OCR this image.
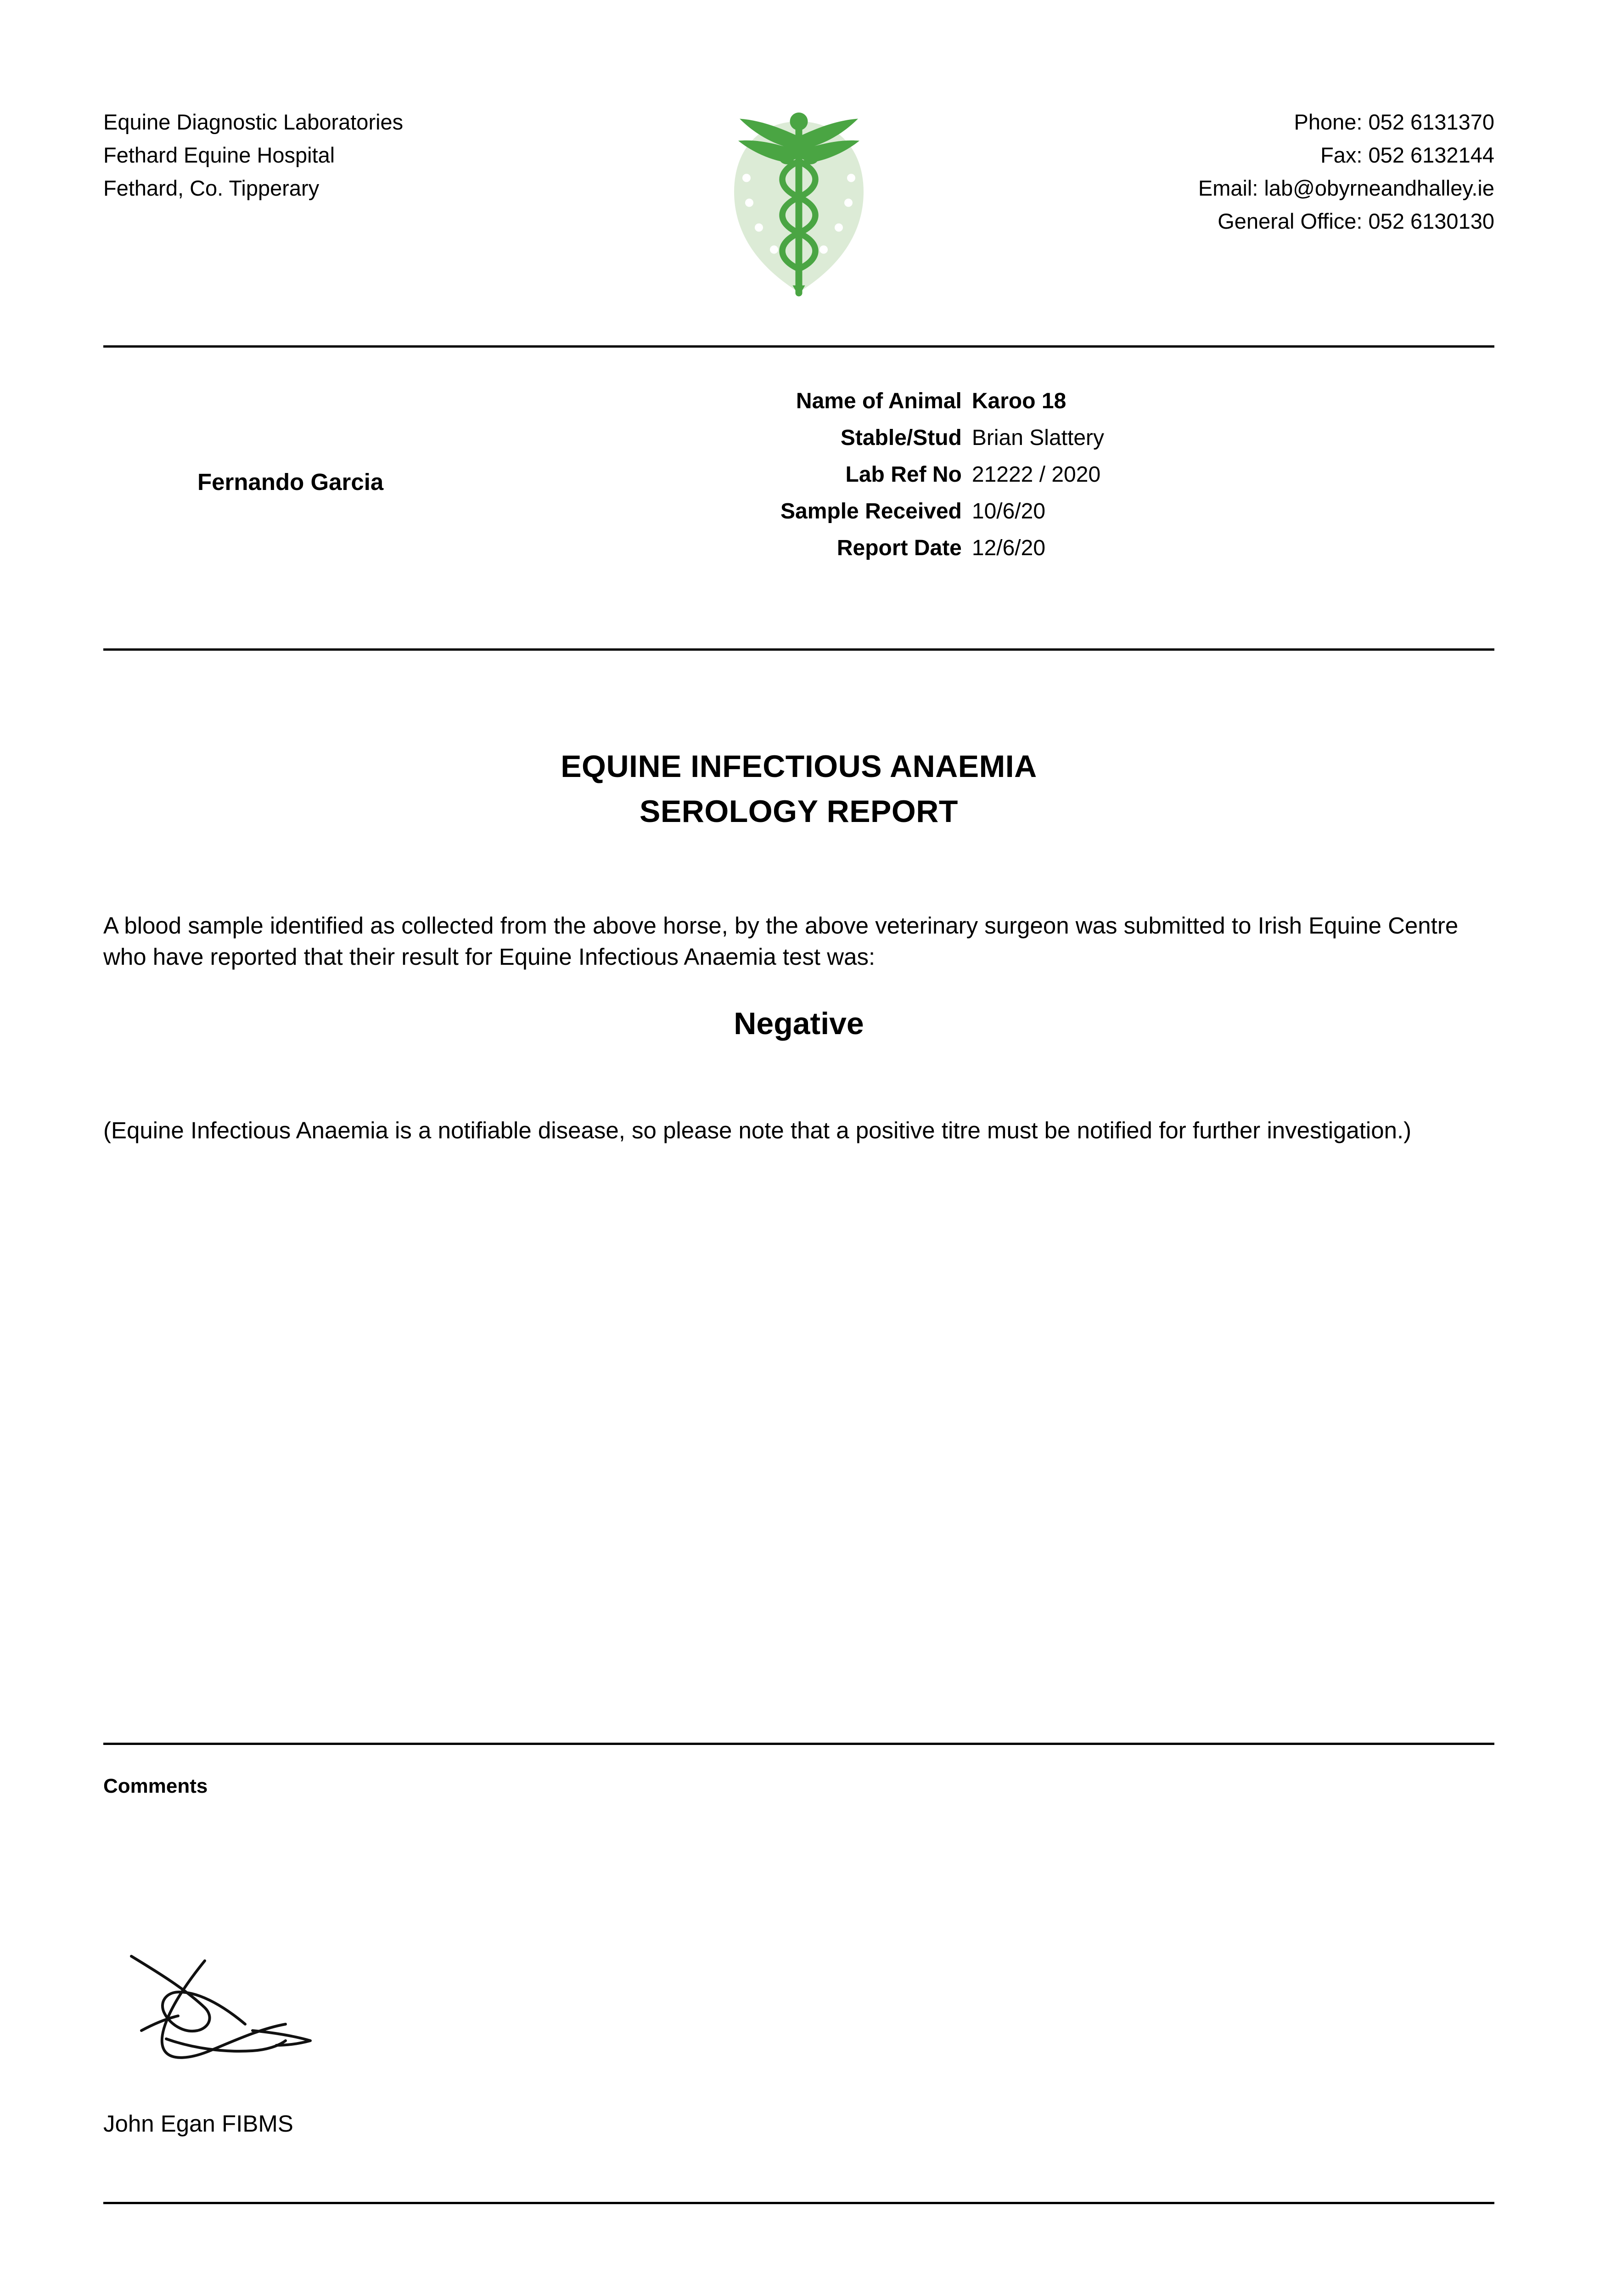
Equine Diagnostic Laboratories
Fethard Equine Hospital
Fethard, Co. Tipperary
Phone: 052 6131370
Fax: 052 6132144
Email: lab@obyrneandhalley.ie
General Office: 052 6130130
Fernando Garcia
Name of Animal	Karoo 18
Stable/Stud	Brian Slattery
Lab Ref No	21222 / 2020
Sample Received	10/6/20
Report Date	12/6/20
EQUINE INFECTIOUS ANAEMIA
SEROLOGY REPORT
A blood sample identified as collected from the above horse, by the above veterinary surgeon was submitted to Irish Equine Centre who have reported that their result for Equine Infectious Anaemia test was:
Negative
(Equine Infectious Anaemia is a notifiable disease, so please note that a positive titre must be notified for further investigation.)
Comments
John Egan FIBMS
